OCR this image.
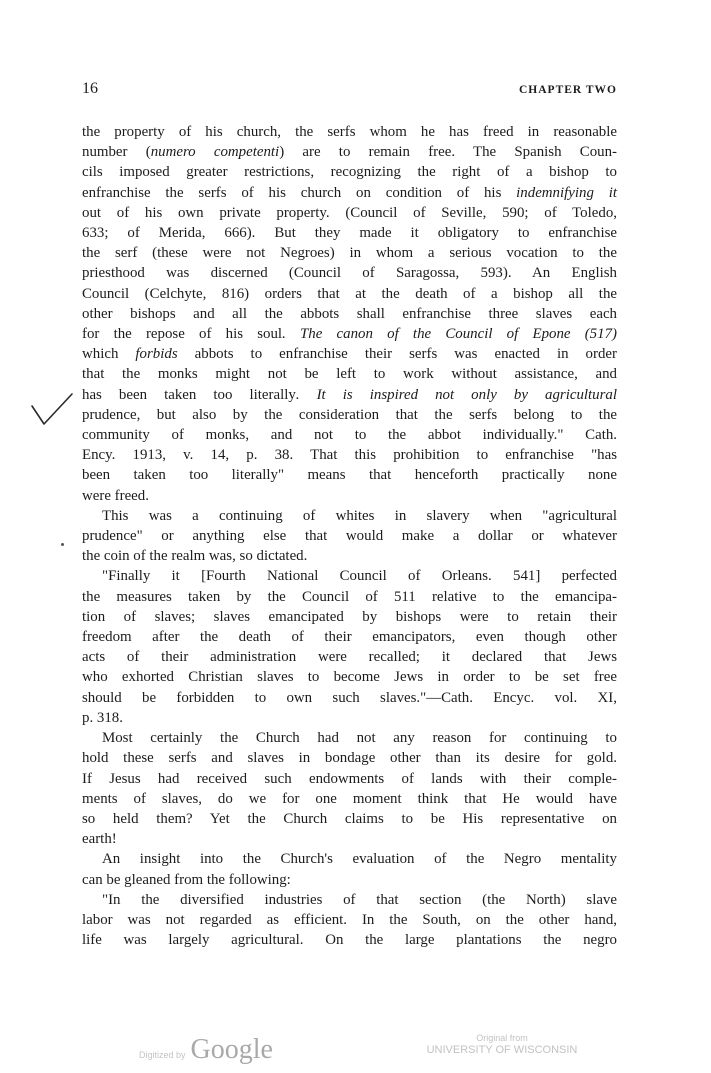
16	CHAPTER TWO

the property of his church, the serfs whom he has freed in reasonable
number (numero competenti) are to remain free. The Spanish Coun-
cils imposed greater restrictions, recognizing the right of a bishop to
enfranchise the serfs of his church on condition of his indemnifying it
out of his own private property. (Council of Seville, 590; of Toledo,
633; of Merida, 666). But they made it obligatory to enfranchise
the serf (these were not Negroes) in whom a serious vocation to the
priesthood was discerned (Council of Saragossa, 593). An English
Council (Celchyte, 816) orders that at the death of a bishop all the
other bishops and all the abbots shall enfranchise three slaves each
for the repose of his soul. The canon of the Council of Epone (517)
which forbids abbots to enfranchise their serfs was enacted in order
that the monks might not be left to work without assistance, and
has been taken too literally. It is inspired not only by agricultural
prudence, but also by the consideration that the serfs belong to the
community of monks, and not to the abbot individually." Cath.
Ency. 1913, v. 14, p. 38. That this prohibition to enfranchise "has
been taken too literally" means that henceforth practically none
were freed.

This was a continuing of whites in slavery when "agricultural
prudence" or anything else that would make a dollar or whatever
the coin of the realm was, so dictated.

"Finally it [Fourth National Council of Orleans. 541] perfected
the measures taken by the Council of 511 relative to the emancipa-
tion of slaves; slaves emancipated by bishops were to retain their
freedom after the death of their emancipators, even though other
acts of their administration were recalled; it declared that Jews
who exhorted Christian slaves to become Jews in order to be set free
should be forbidden to own such slaves."—Cath. Encyc. vol. XI,
p. 318.

Most certainly the Church had not any reason for continuing to
hold these serfs and slaves in bondage other than its desire for gold.
If Jesus had received such endowments of lands with their comple-
ments of slaves, do we for one moment think that He would have
so held them? Yet the Church claims to be His representative on
earth!

An insight into the Church's evaluation of the Negro mentality
can be gleaned from the following:

"In the diversified industries of that section (the North) slave
labor was not regarded as efficient. In the South, on the other hand,
life was largely agricultural. On the large plantations the negro

Digitized by Google	Original from
UNIVERSITY OF WISCONSIN
